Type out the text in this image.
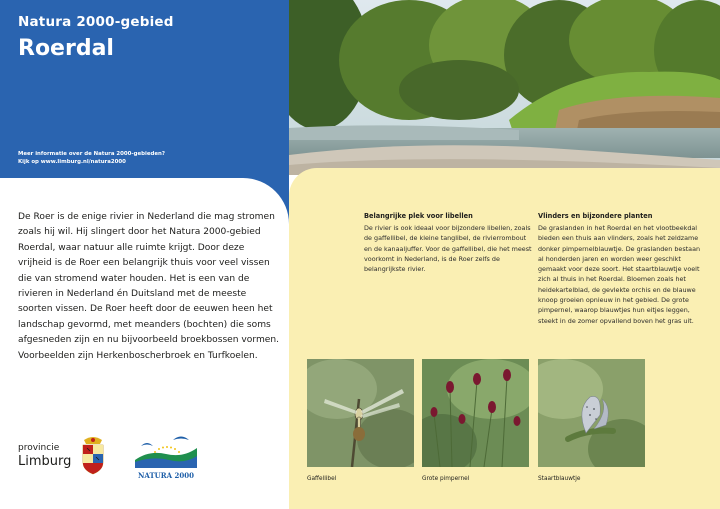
Natura 2000-gebied
Roerdal
Meer informatie over de Natura 2000-gebieden?
Kijk op www.limburg.nl/natura2000
De Roer is de enige rivier in Nederland die mag stromen zoals hij wil. Hij slingert door het Natura 2000-gebied Roerdal, waar natuur alle ruimte krijgt. Door deze vrijheid is de Roer een belangrijk thuis voor veel vissen die van stromend water houden. Het is een van de rivieren in Nederland én Duitsland met de meeste soorten vissen. De Roer heeft door de eeuwen heen het landschap gevormd, met meanders (bochten) die soms afgesneden zijn en nu bijvoorbeeld broekbossen vormen. Voorbeelden zijn Herkenboscherbroek en Turfkoelen.
provincie
Limburg
NATURA 2000
Belangrijke plek voor libellen

De rivier is ook ideaal voor bijzondere libellen, zoals de gaffellibel, de kleine tanglibel, de rivierrombout en de kanaaljuffer. Voor de gaffellibel, die het meest voorkomt in Nederland, is de Roer zelfs de belangrijkste rivier.

Vlinders en bijzondere planten

De graslanden in het Roerdal en het vlootbeekdal bieden een thuis aan vlinders, zoals het zeldzame donker pimpernelblauwtje. De graslanden bestaan al honderden jaren en worden weer geschikt gemaakt voor deze soort. Het staartblauwtje voelt zich al thuis in het Roerdal. Bloemen zoals het heidekartelblad, de gevlekte orchis en de blauwe knoop groeien opnieuw in het gebied. De grote pimpernel, waarop blauwtjes hun eitjes leggen, steekt in de zomer opvallend boven het gras uit.

Gaffellibel	Grote pimpernel	Staartblauwtje
